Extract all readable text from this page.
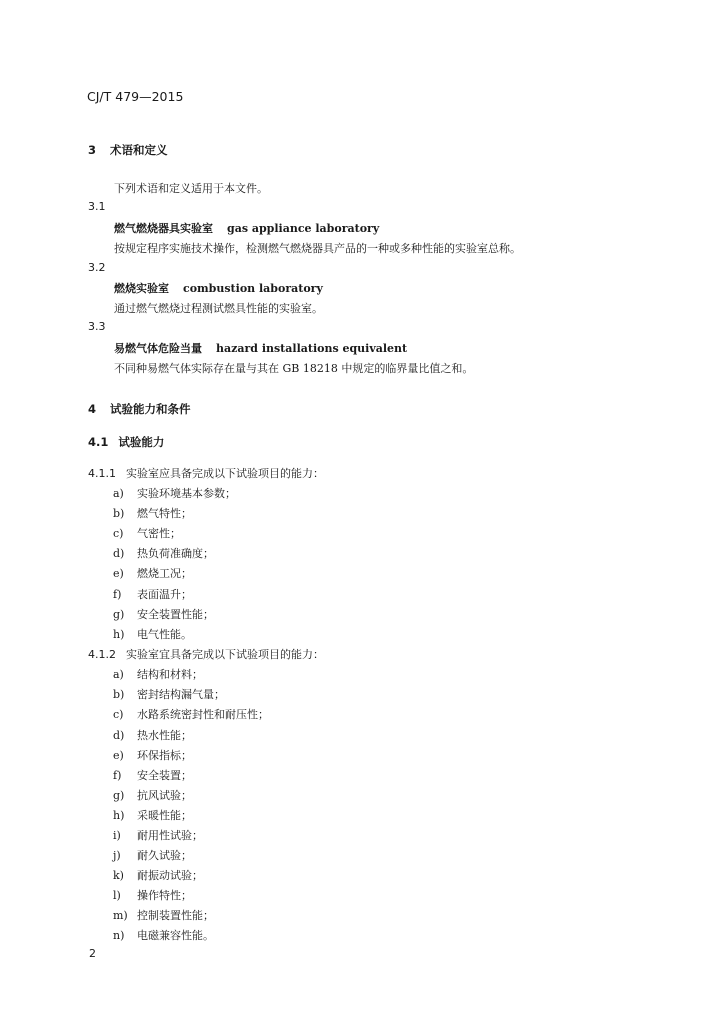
CJ/T 479—2015
3 术语和定义
下列术语和定义适用于本文件。
3.1
燃气燃烧器具实验室 gas appliance laboratory
按规定程序实施技术操作，检测燃气燃烧器具产品的一种或多种性能的实验室总称。
3.2
燃烧实验室 combustion laboratory
通过燃气燃烧过程测试燃具性能的实验室。
3.3
易燃气体危险当量 hazard installations equivalent
不同种易燃气体实际存在量与其在 GB 18218 中规定的临界量比值之和。
4 试验能力和条件
4.1 试验能力
4.1.1 实验室应具备完成以下试验项目的能力：
a) 实验环境基本参数；
b) 燃气特性；
c) 气密性；
d) 热负荷准确度；
e) 燃烧工况；
f) 表面温升；
g) 安全装置性能；
h) 电气性能。
4.1.2 实验室宜具备完成以下试验项目的能力：
a) 结构和材料；
b) 密封结构漏气量；
c) 水路系统密封性和耐压性；
d) 热水性能；
e) 环保指标；
f) 安全装置；
g) 抗风试验；
h) 采暖性能；
i) 耐用性试验；
j) 耐久试验；
k) 耐振动试验；
l) 操作特性；
m) 控制装置性能；
n) 电磁兼容性能。
2
